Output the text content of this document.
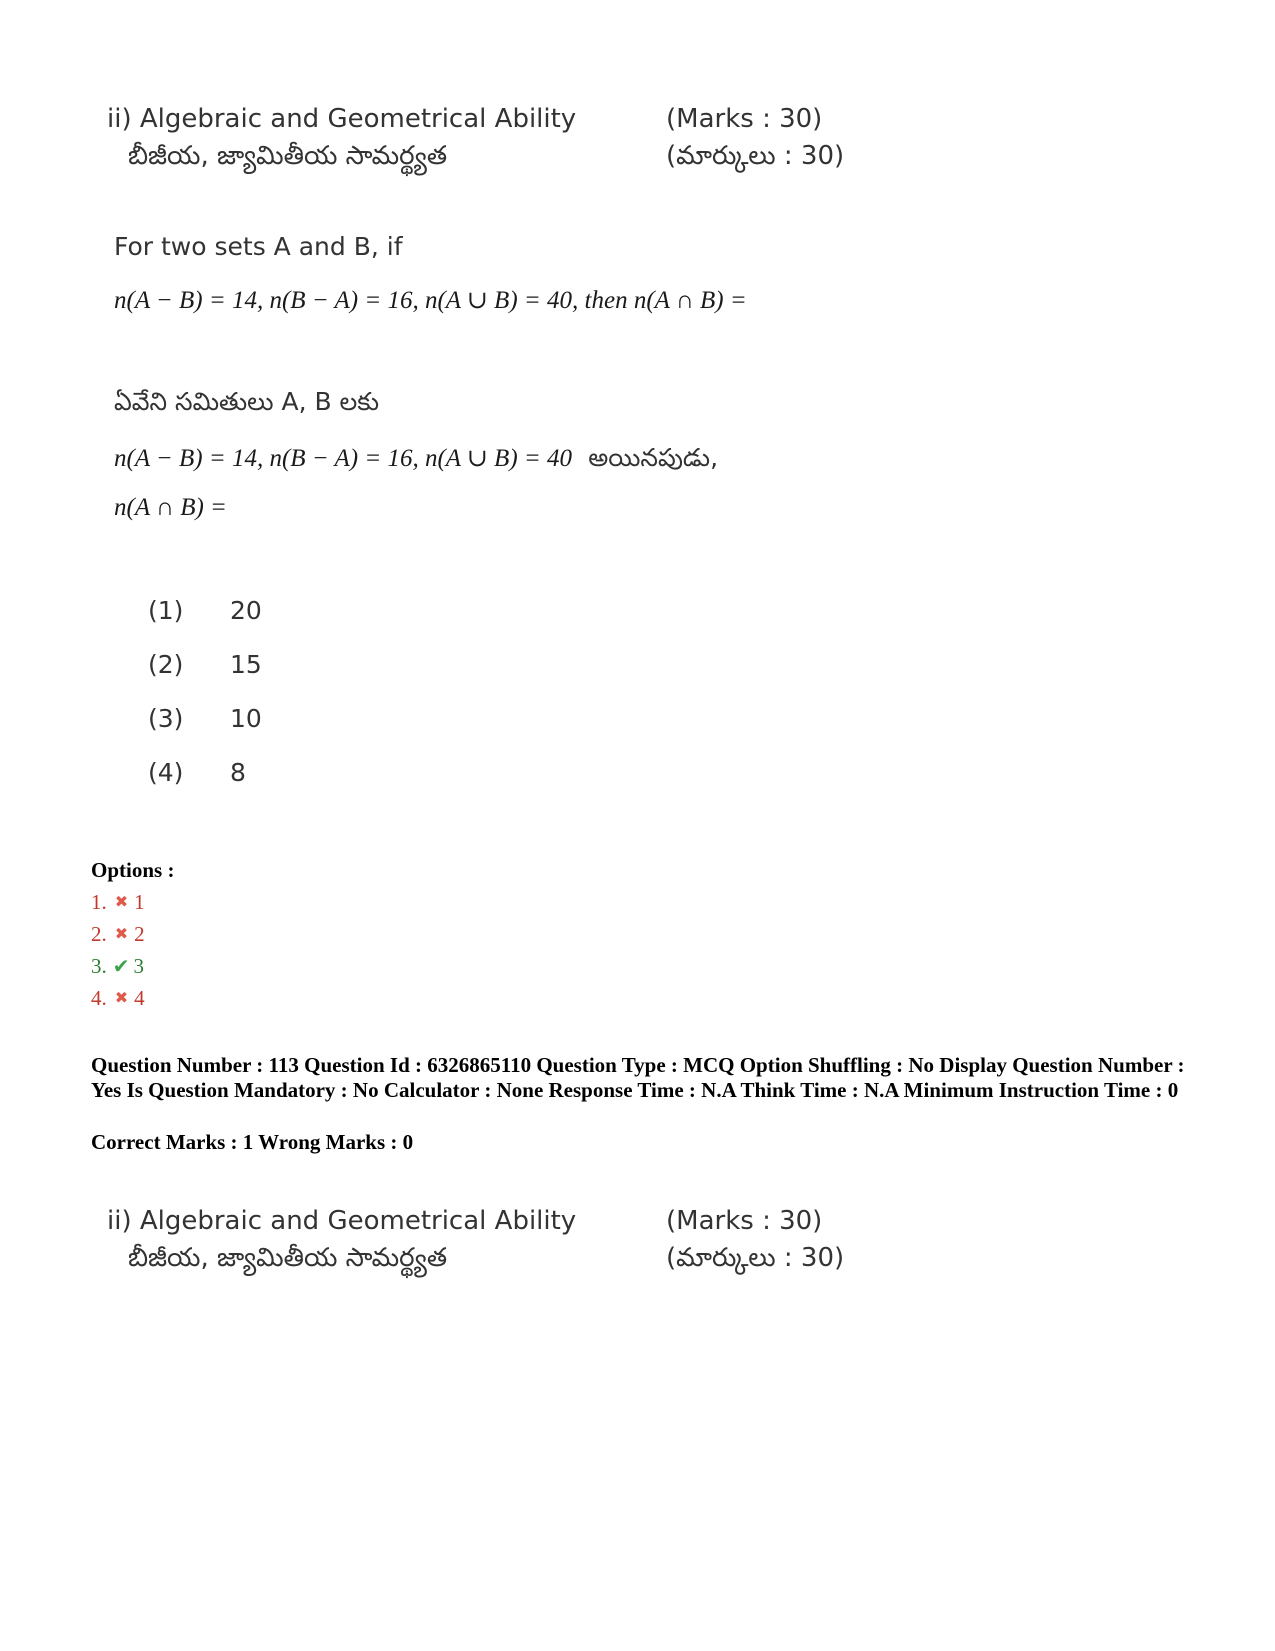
ii) Algebraic and Geometrical Ability	(Marks : 30)
బీజీయ, జ్యామితీయ సామర్థ్యత	(మార్కులు : 30)
For two sets A and B, if
n(A − B) = 14, n(B − A) = 16, n(A ∪ B) = 40, then n(A ∩ B) =
ఏవేని సమితులు A, B లకు
n(A − B) = 14, n(B − A) = 16, n(A ∪ B) = 40 అయినపుడు,
n(A ∩ B) =
(1) 20
(2) 15
(3) 10
(4) 8
Options :
1. ✖ 1
2. ✖ 2
3. ✔ 3
4. ✖ 4
Question Number : 113 Question Id : 6326865110 Question Type : MCQ Option Shuffling : No Display Question Number : Yes Is Question Mandatory : No Calculator : None Response Time : N.A Think Time : N.A Minimum Instruction Time : 0
Correct Marks : 1 Wrong Marks : 0
ii) Algebraic and Geometrical Ability	(Marks : 30)
బీజీయ, జ్యామితీయ సామర్థ్యత	(మార్కులు : 30)
